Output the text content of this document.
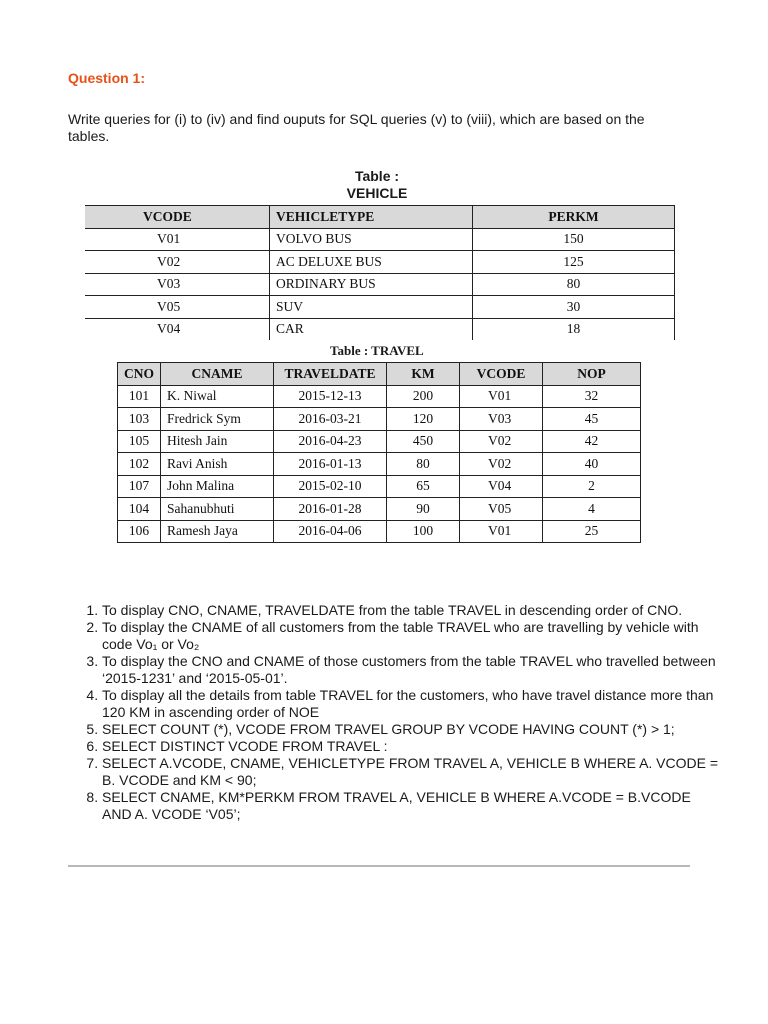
Question 1:
Write queries for (i) to (iv) and find ouputs for SQL queries (v) to (viii), which are based on the tables.
Table :
VEHICLE
VCODE	VEHICLETYPE	PERKM
V01	VOLVO BUS	150
V02	AC DELUXE BUS	125
V03	ORDINARY BUS	80
V05	SUV	30
V04	CAR	18
Table : TRAVEL
CNO	CNAME	TRAVELDATE	KM	VCODE	NOP
101	K. Niwal	2015-12-13	200	V01	32
103	Fredrick Sym	2016-03-21	120	V03	45
105	Hitesh Jain	2016-04-23	450	V02	42
102	Ravi Anish	2016-01-13	80	V02	40
107	John Malina	2015-02-10	65	V04	2
104	Sahanubhuti	2016-01-28	90	V05	4
106	Ramesh Jaya	2016-04-06	100	V01	25
1. To display CNO, CNAME, TRAVELDATE from the table TRAVEL in descending order of CNO.
2. To display the CNAME of all customers from the table TRAVEL who are travelling by vehicle with code Vo₁ or Vo₂
3. To display the CNO and CNAME of those customers from the table TRAVEL who travelled between ‘2015-1231’ and ‘2015-05-01’.
4. To display all the details from table TRAVEL for the customers, who have travel distance more than 120 KM in ascending order of NOE
5. SELECT COUNT (*), VCODE FROM TRAVEL GROUP BY VCODE HAVING COUNT (*) > 1;
6. SELECT DISTINCT VCODE FROM TRAVEL :
7. SELECT A.VCODE, CNAME, VEHICLETYPE FROM TRAVEL A, VEHICLE B WHERE A. VCODE = B. VCODE and KM < 90;
8. SELECT CNAME, KM*PERKM FROM TRAVEL A, VEHICLE B WHERE A.VCODE = B.VCODE AND A. VCODE ‘V05’;
